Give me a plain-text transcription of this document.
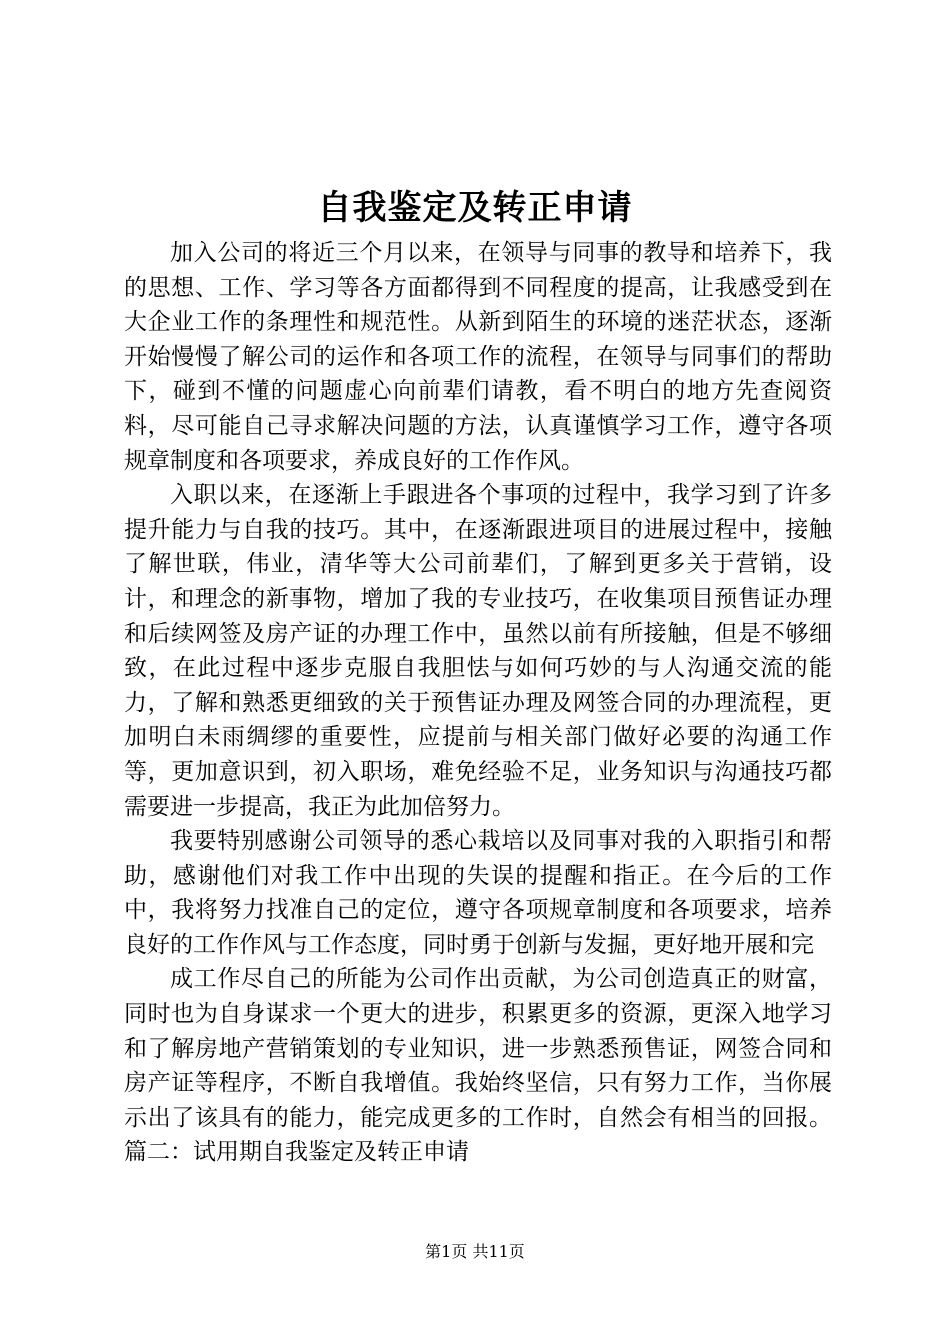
自我鉴定及转正申请

加入公司的将近三个月以来，在领导与同事的教导和培养下，我的思想、工作、学习等各方面都得到不同程度的提高，让我感受到在大企业工作的条理性和规范性。从新到陌生的环境的迷茫状态，逐渐开始慢慢了解公司的运作和各项工作的流程，在领导与同事们的帮助下，碰到不懂的问题虚心向前辈们请教，看不明白的地方先查阅资料，尽可能自己寻求解决问题的方法，认真谨慎学习工作，遵守各项规章制度和各项要求，养成良好的工作作风。

入职以来，在逐渐上手跟进各个事项的过程中，我学习到了许多提升能力与自我的技巧。其中，在逐渐跟进项目的进展过程中，接触了解世联，伟业，清华等大公司前辈们，了解到更多关于营销，设计，和理念的新事物，增加了我的专业技巧，在收集项目预售证办理和后续网签及房产证的办理工作中，虽然以前有所接触，但是不够细致，在此过程中逐步克服自我胆怯与如何巧妙的与人沟通交流的能力，了解和熟悉更细致的关于预售证办理及网签合同的办理流程，更加明白未雨绸缪的重要性，应提前与相关部门做好必要的沟通工作等，更加意识到，初入职场，难免经验不足，业务知识与沟通技巧都需要进一步提高，我正为此加倍努力。

我要特别感谢公司领导的悉心栽培以及同事对我的入职指引和帮助，感谢他们对我工作中出现的失误的提醒和指正。在今后的工作中，我将努力找准自己的定位，遵守各项规章制度和各项要求，培养良好的工作作风与工作态度，同时勇于创新与发掘，更好地开展和完

成工作尽自己的所能为公司作出贡献，为公司创造真正的财富，同时也为自身谋求一个更大的进步，积累更多的资源，更深入地学习和了解房地产营销策划的专业知识，进一步熟悉预售证，网签合同和房产证等程序，不断自我增值。我始终坚信，只有努力工作，当你展示出了该具有的能力，能完成更多的工作时，自然会有相当的回报。篇二：试用期自我鉴定及转正申请

第1页 共11页
